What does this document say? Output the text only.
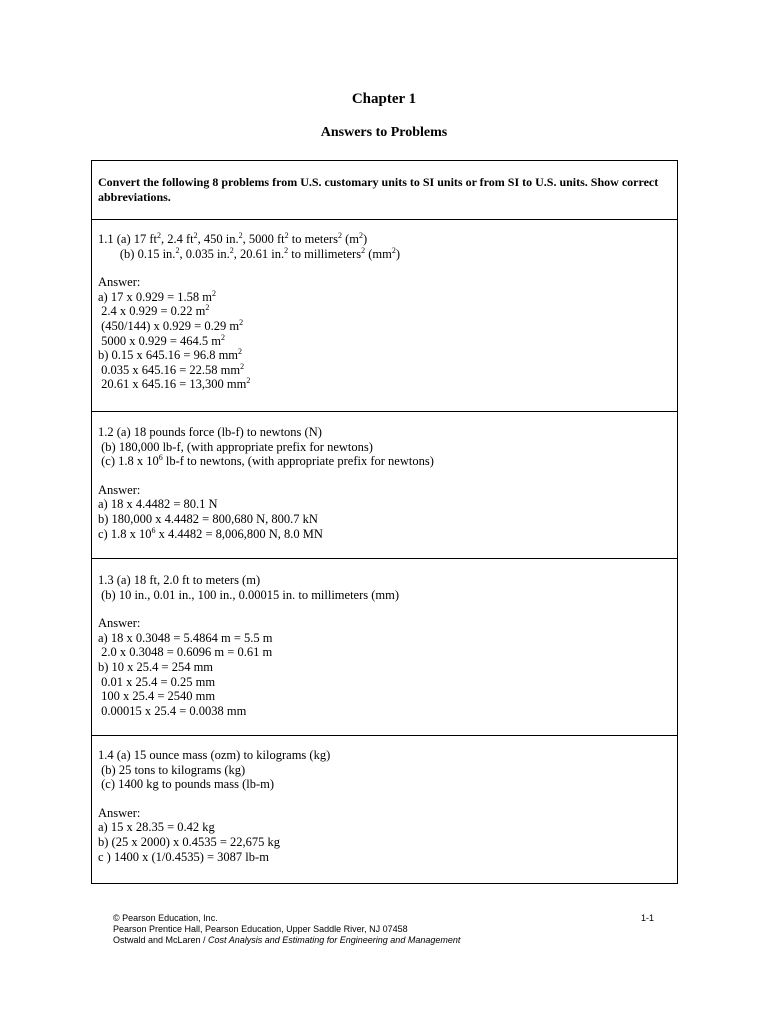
Chapter 1
Answers to Problems
Convert the following 8 problems from U.S. customary units to SI units or from SI to U.S. units. Show correct abbreviations.
1.1 (a) 17 $ft^2$, 2.4 $ft^2$, 450 in.$^2$, 5000 $ft^2$ to meters$^2$ $(m^2)$
(b) 0.15 in.$^2$, 0.035 in.$^2$, 20.61 in.$^2$ to millimeters$^2$ $(mm^2)$
Answer:
a) 17 x 0.929 = 1.58 $m^2$
2.4 x 0.929 = 0.22 $m^2$
(450/144) x 0.929 = 0.29 $m^2$
5000 x 0.929 = 464.5 $m^2$
b) 0.15 x 645.16 = 96.8 $mm^2$
0.035 x 645.16 = 22.58 $mm^2$
20.61 x 645.16 = 13,300 $mm^2$
1.2 (a) 18 pounds force (lb-f) to newtons (N)
(b) 180,000 lb-f, (with appropriate prefix for newtons)
(c) 1.8 x $10^6$ lb-f to newtons, (with appropriate prefix for newtons)
Answer:
a) 18 x 4.4482 = 80.1 N
b) 180,000 x 4.4482 = 800,680 N, 800.7 kN
c) 1.8 x $10^6$ x 4.4482 = 8,006,800 N, 8.0 MN
1.3 (a) 18 ft, 2.0 ft to meters (m)
(b) 10 in., 0.01 in., 100 in., 0.00015 in. to millimeters (mm)
Answer:
a) 18 x 0.3048 = 5.4864 m = 5.5 m
2.0 x 0.3048 = 0.6096 m = 0.61 m
b) 10 x 25.4 = 254 mm
0.01 x 25.4 = 0.25 mm
100 x 25.4 = 2540 mm
0.00015 x 25.4 = 0.0038 mm
1.4 (a) 15 ounce mass (ozm) to kilograms (kg)
(b) 25 tons to kilograms (kg)
(c) 1400 kg to pounds mass (lb-m)
Answer:
a) 15 x 28.35 = 0.42 kg
b) (25 x 2000) x 0.4535 = 22,675 kg
c ) 1400 x (1/0.4535) = 3087 lb-m
© Pearson Education, Inc.
Pearson Prentice Hall, Pearson Education, Upper Saddle River, NJ 07458
Ostwald and McLaren / Cost Analysis and Estimating for Engineering and Management
1-1
